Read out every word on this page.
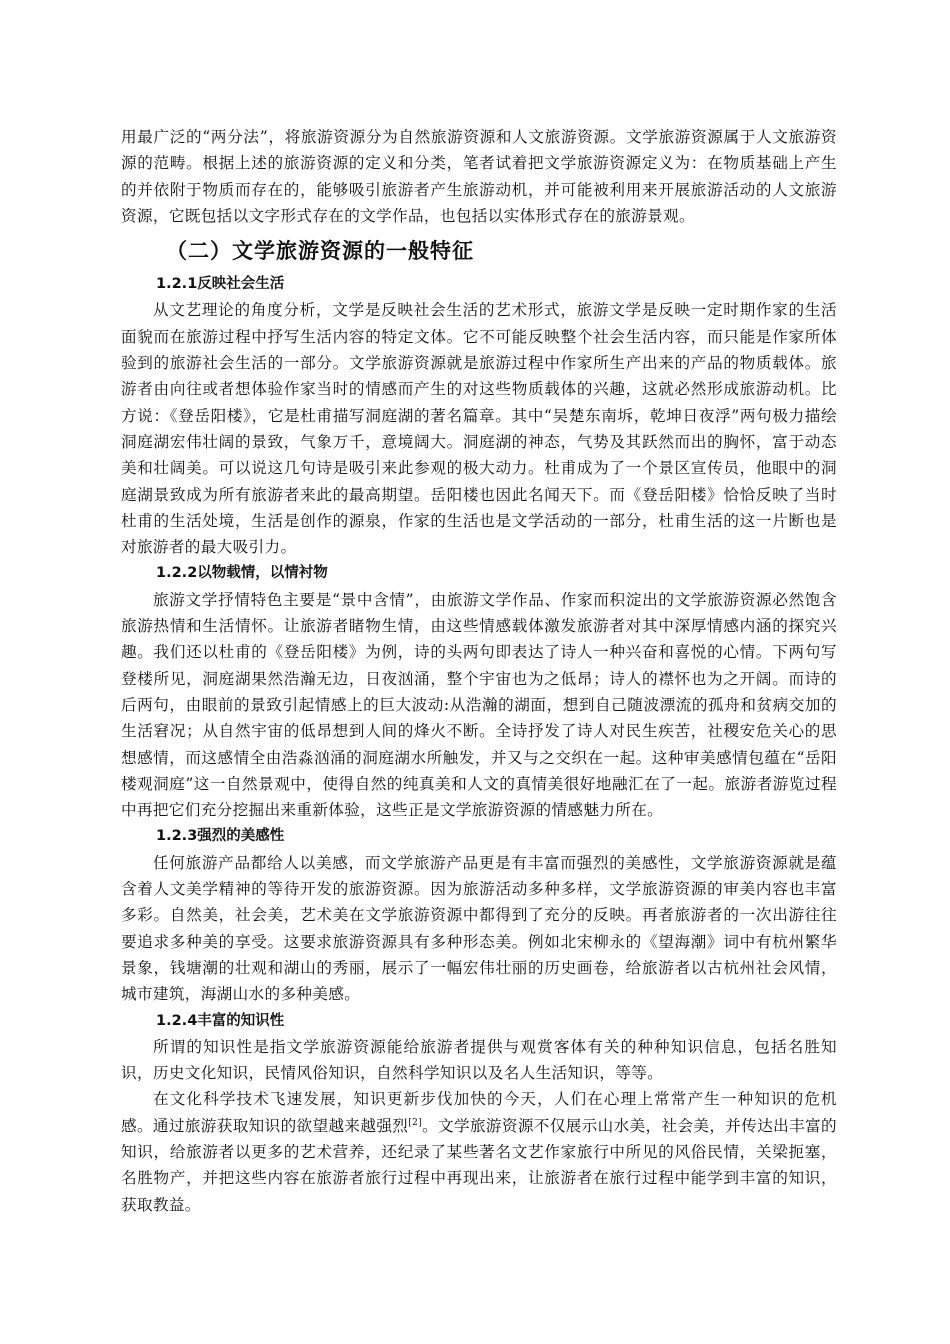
用最广泛的“两分法”，将旅游资源分为自然旅游资源和人文旅游资源。文学旅游资源属于人文旅游资源的范畴。根据上述的旅游资源的定义和分类，笔者试着把文学旅游资源定义为：在物质基础上产生的并依附于物质而存在的，能够吸引旅游者产生旅游动机，并可能被利用来开展旅游活动的人文旅游资源，它既包括以文字形式存在的文学作品，也包括以实体形式存在的旅游景观。

（二）文学旅游资源的一般特征
1.2.1反映社会生活

从文艺理论的角度分析，文学是反映社会生活的艺术形式，旅游文学是反映一定时期作家的生活面貌而在旅游过程中抒写生活内容的特定文体。它不可能反映整个社会生活内容，而只能是作家所体验到的旅游社会生活的一部分。文学旅游资源就是旅游过程中作家所生产出来的产品的物质载体。旅游者由向往或者想体验作家当时的情感而产生的对这些物质载体的兴趣，这就必然形成旅游动机。比方说：《登岳阳楼》，它是杜甫描写洞庭湖的著名篇章。其中“吴楚东南坼，乾坤日夜浮”两句极力描绘洞庭湖宏伟壮阔的景致，气象万千，意境阔大。洞庭湖的神态，气势及其跃然而出的胸怀，富于动态美和壮阔美。可以说这几句诗是吸引来此参观的极大动力。杜甫成为了一个景区宣传员，他眼中的洞庭湖景致成为所有旅游者来此的最高期望。岳阳楼也因此名闻天下。而《登岳阳楼》恰恰反映了当时杜甫的生活处境，生活是创作的源泉，作家的生活也是文学活动的一部分，杜甫生活的这一片断也是对旅游者的最大吸引力。

1.2.2以物载情，以情衬物

旅游文学抒情特色主要是“景中含情”，由旅游文学作品、作家而积淀出的文学旅游资源必然饱含旅游热情和生活情怀。让旅游者睹物生情，由这些情感载体激发旅游者对其中深厚情感内涵的探究兴趣。我们还以杜甫的《登岳阳楼》为例，诗的头两句即表达了诗人一种兴奋和喜悦的心情。下两句写登楼所见，洞庭湖果然浩瀚无边，日夜汹涌，整个宇宙也为之低昂；诗人的襟怀也为之开阔。而诗的后两句，由眼前的景致引起情感上的巨大波动:从浩瀚的湖面，想到自己随波漂流的孤舟和贫病交加的生活窘况；从自然宇宙的低昂想到人间的烽火不断。全诗抒发了诗人对民生疾苦，社稷安危关心的思想感情，而这感情全由浩淼汹涌的洞庭湖水所触发，并又与之交织在一起。这种审美感情包蕴在“岳阳楼观洞庭”这一自然景观中，使得自然的纯真美和人文的真情美很好地融汇在了一起。旅游者游览过程中再把它们充分挖掘出来重新体验，这些正是文学旅游资源的情感魅力所在。

1.2.3强烈的美感性

任何旅游产品都给人以美感，而文学旅游产品更是有丰富而强烈的美感性，文学旅游资源就是蕴含着人文美学精神的等待开发的旅游资源。因为旅游活动多种多样，文学旅游资源的审美内容也丰富多彩。自然美，社会美，艺术美在文学旅游资源中都得到了充分的反映。再者旅游者的一次出游往往要追求多种美的享受。这要求旅游资源具有多种形态美。例如北宋柳永的《望海潮》词中有杭州繁华景象，钱塘潮的壮观和湖山的秀丽，展示了一幅宏伟壮丽的历史画卷，给旅游者以古杭州社会风情，城市建筑，海湖山水的多种美感。

1.2.4丰富的知识性

所谓的知识性是指文学旅游资源能给旅游者提供与观赏客体有关的种种知识信息，包括名胜知识，历史文化知识，民情风俗知识，自然科学知识以及名人生活知识，等等。

在文化科学技术飞速发展，知识更新步伐加快的今天，人们在心理上常常产生一种知识的危机感。通过旅游获取知识的欲望越来越强烈[2]。文学旅游资源不仅展示山水美，社会美，并传达出丰富的知识，给旅游者以更多的艺术营养，还纪录了某些著名文艺作家旅行中所见的风俗民情，关梁扼塞，名胜物产，并把这些内容在旅游者旅行过程中再现出来，让旅游者在旅行过程中能学到丰富的知识，获取教益。
